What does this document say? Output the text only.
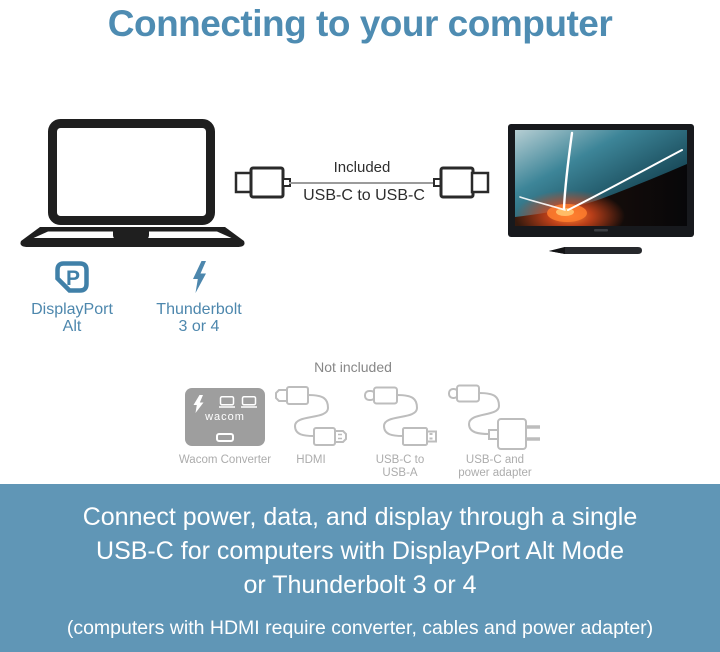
Connecting to your computer
Included
USB-C to USB-C
P
DisplayPort
Alt
Thunderbolt
3 or 4
Not included
wacom
Wacom Converter	HDMI	USB-C to
USB-A
USB-C and
power adapter
Connect power, data, and display through a single
USB-C for computers with DisplayPort Alt Mode
or Thunderbolt 3 or 4
(computers with HDMI require converter, cables and power adapter)
